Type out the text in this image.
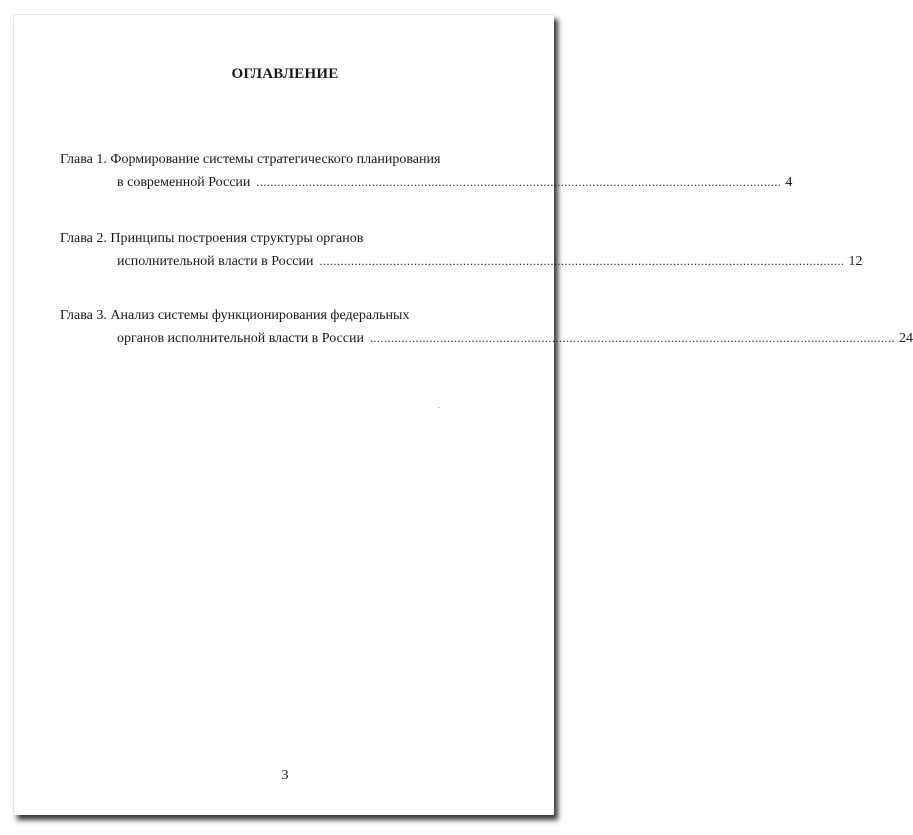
ОГЛАВЛЕНИЕ
Глава 1. Формирование системы стратегического планирования
в современной России ...................................................................................................................................................... 4
Глава 2. Принципы построения структуры органов
исполнительной власти в России ...................................................................................................................................................... 12
Глава 3. Анализ системы функционирования федеральных
органов исполнительной власти в России ...................................................................................................................................................... 24
3
